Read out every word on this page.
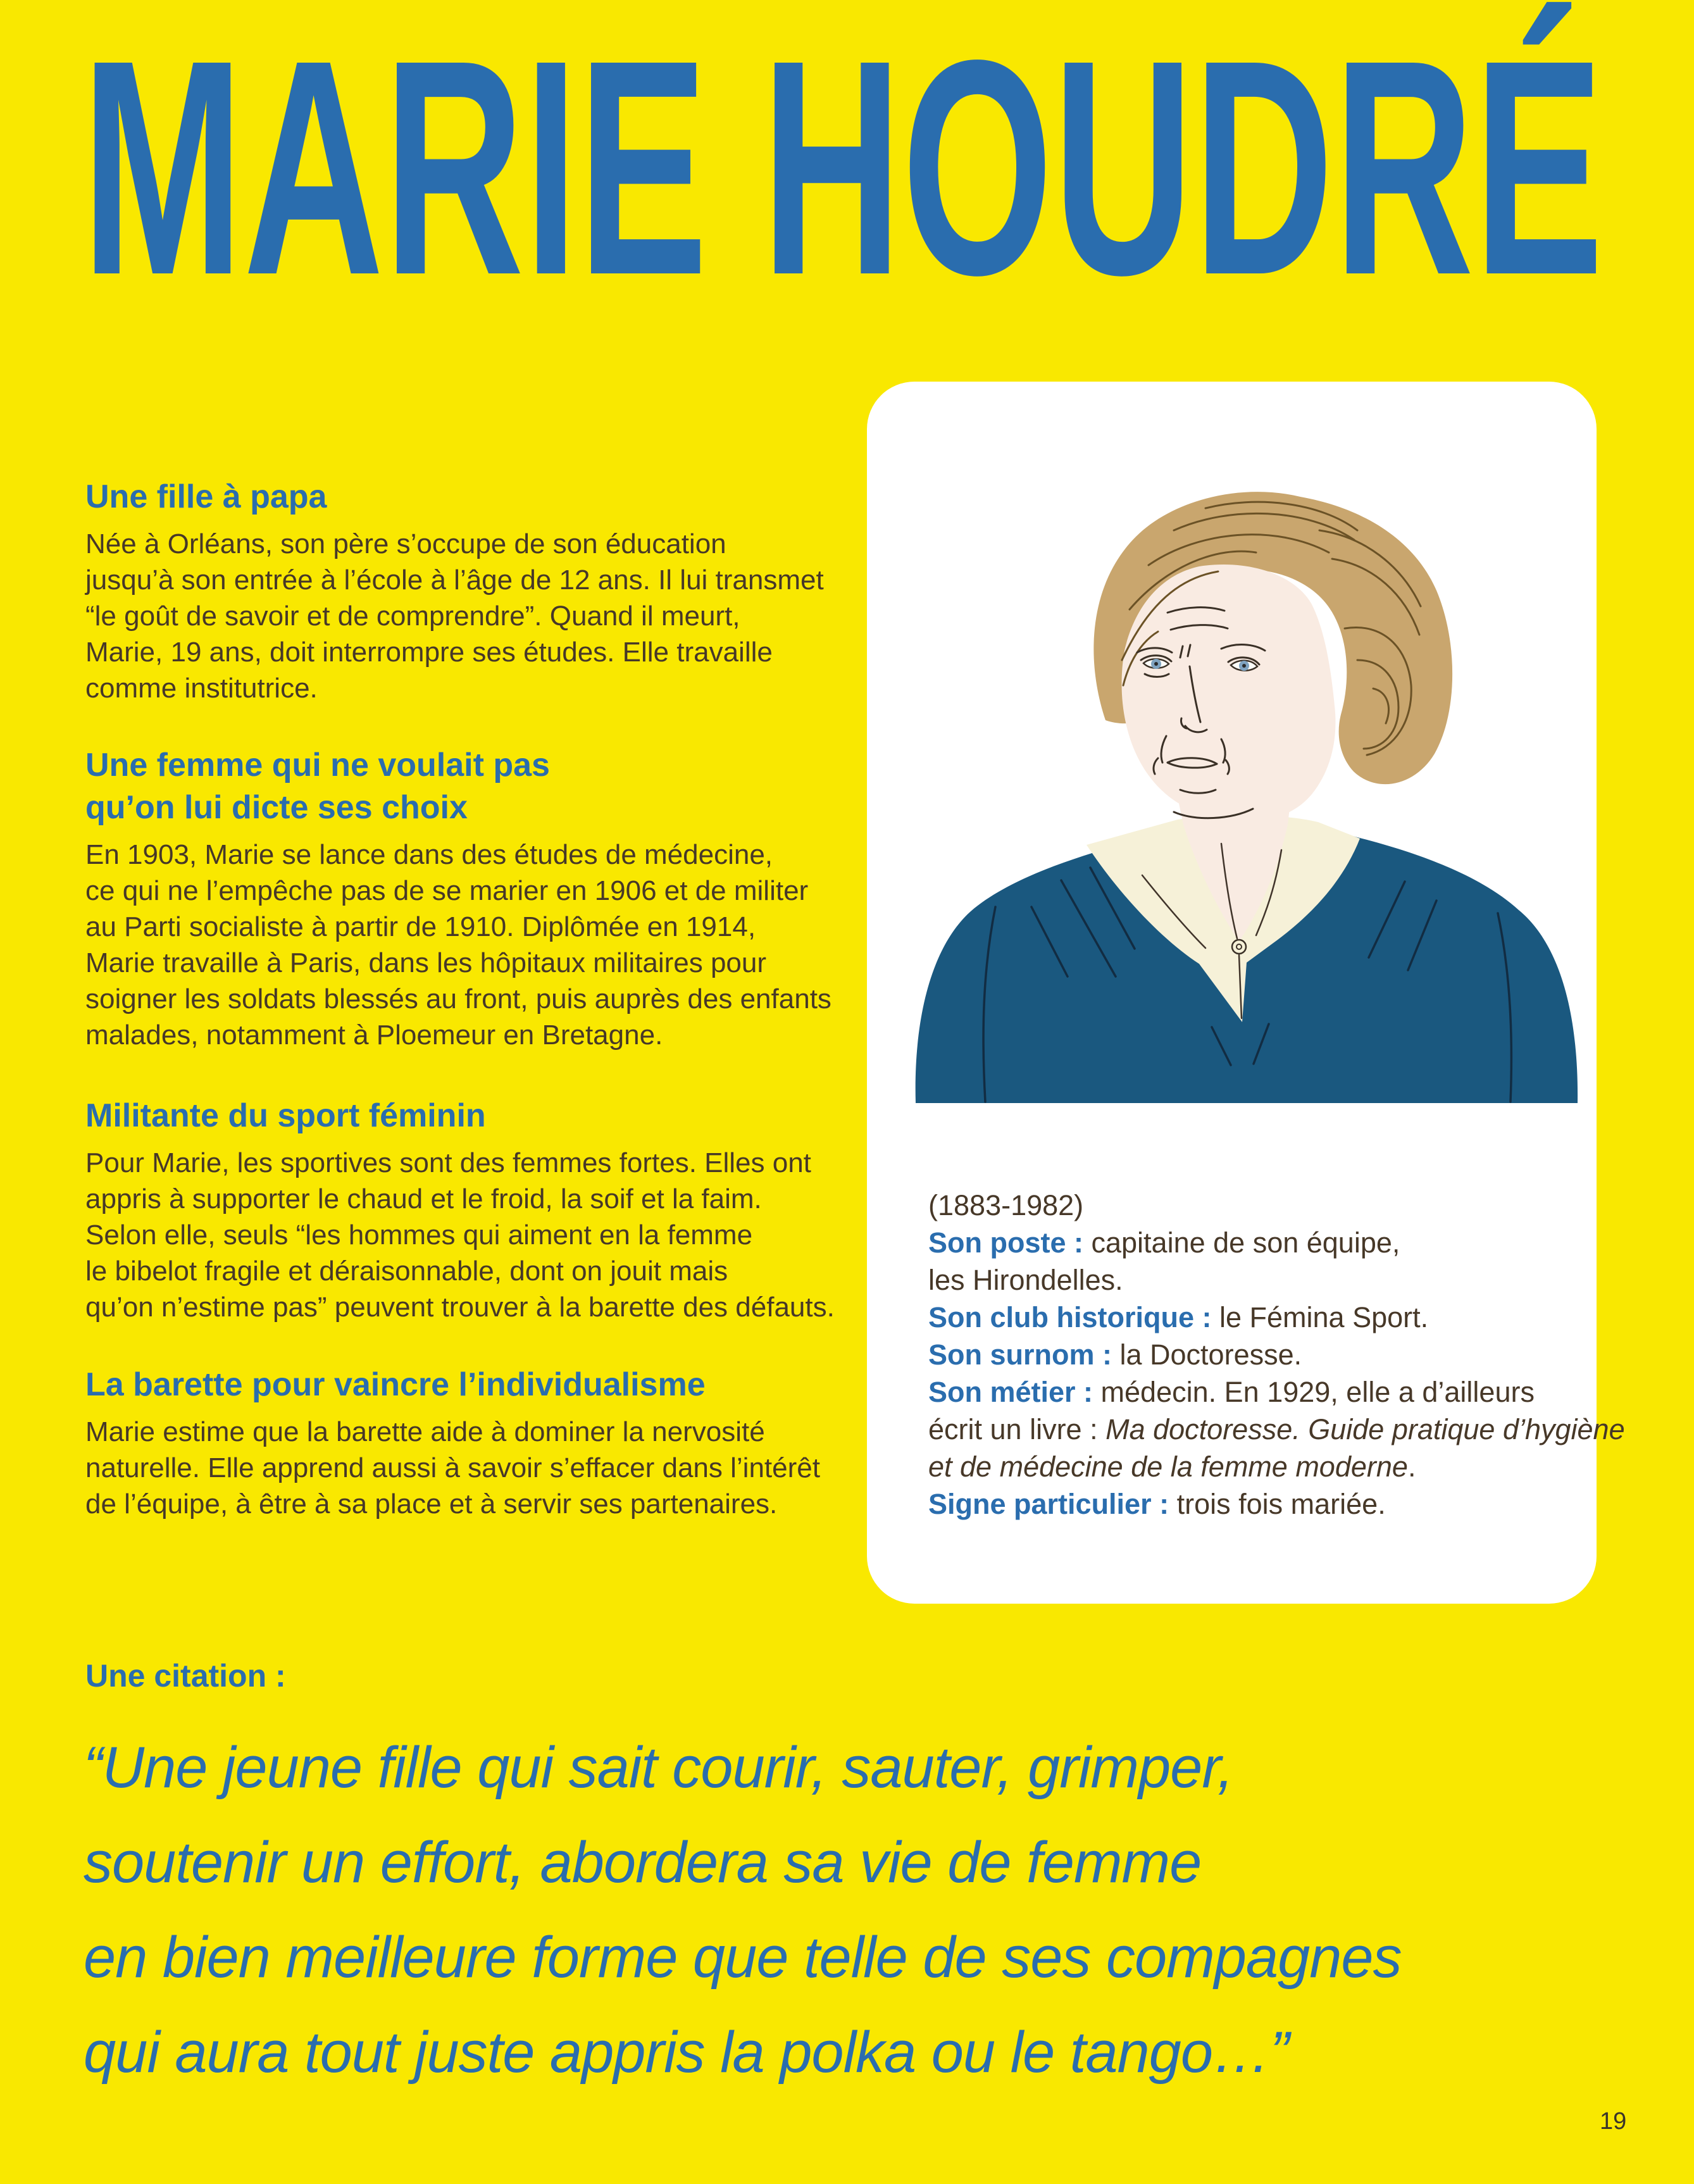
MARIE HOUDRÉ
Une fille à papa
Née à Orléans, son père s’occupe de son éducation
jusqu’à son entrée à l’école à l’âge de 12 ans. Il lui transmet
“le goût de savoir et de comprendre”. Quand il meurt,
Marie, 19 ans, doit interrompre ses études. Elle travaille
comme institutrice.
Une femme qui ne voulait pas
qu’on lui dicte ses choix
En 1903, Marie se lance dans des études de médecine,
ce qui ne l’empêche pas de se marier en 1906 et de militer
au Parti socialiste à partir de 1910. Diplômée en 1914,
Marie travaille à Paris, dans les hôpitaux militaires pour
soigner les soldats blessés au front, puis auprès des enfants
malades, notamment à Ploemeur en Bretagne.
Militante du sport féminin
Pour Marie, les sportives sont des femmes fortes. Elles ont
appris à supporter le chaud et le froid, la soif et la faim.
Selon elle, seuls “les hommes qui aiment en la femme
le bibelot fragile et déraisonnable, dont on jouit mais
qu’on n’estime pas” peuvent trouver à la barette des défauts.
La barette pour vaincre l’individualisme
Marie estime que la barette aide à dominer la nervosité
naturelle. Elle apprend aussi à savoir s’effacer dans l’intérêt
de l’équipe, à être à sa place et à servir ses partenaires.
(1883-1982)
Son poste : capitaine de son équipe,
les Hirondelles.
Son club historique : le Fémina Sport.
Son surnom : la Doctoresse.
Son métier : médecin. En 1929, elle a d’ailleurs
écrit un livre : Ma doctoresse. Guide pratique d’hygiène
et de médecine de la femme moderne.
Signe particulier : trois fois mariée.
Une citation :
“Une jeune fille qui sait courir, sauter, grimper,
soutenir un effort, abordera sa vie de femme
en bien meilleure forme que telle de ses compagnes
qui aura tout juste appris la polka ou le tango…”
19
